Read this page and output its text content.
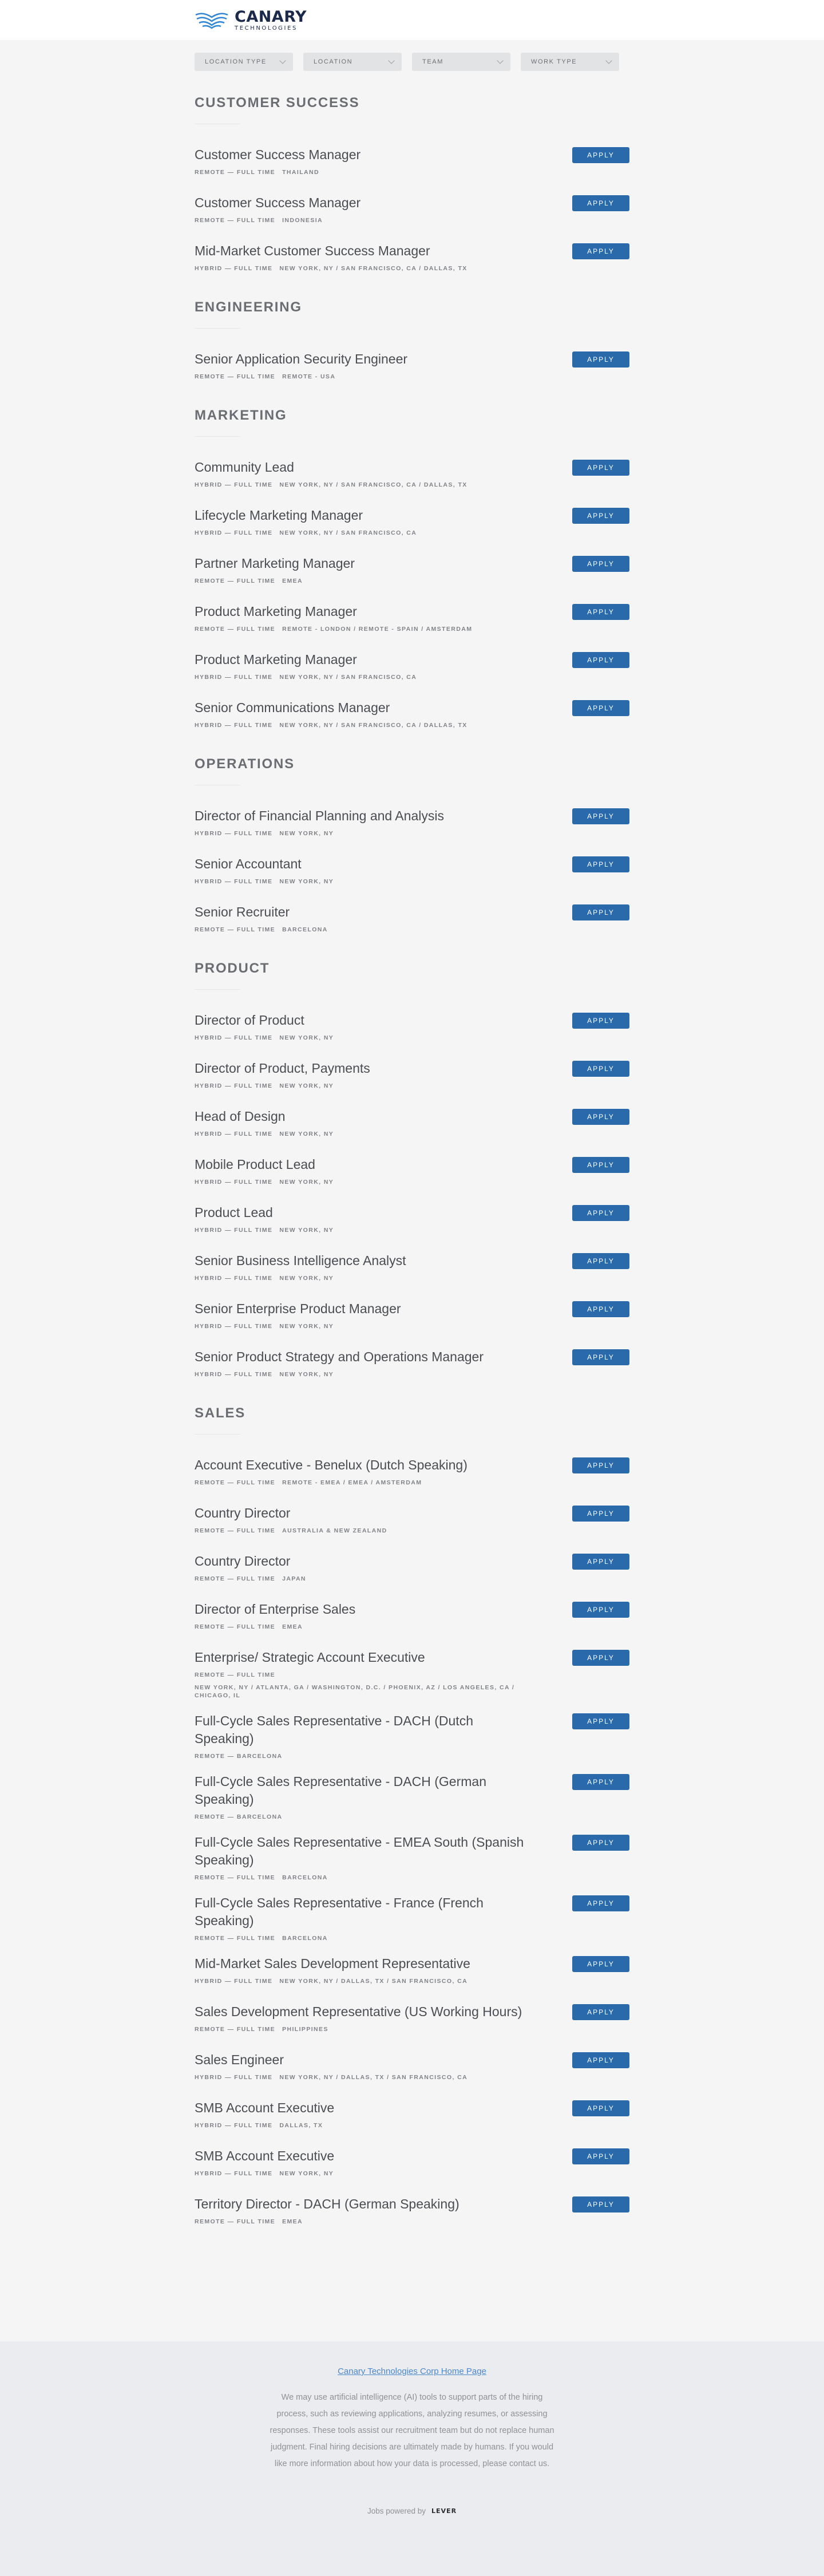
CANARY
TECHNOLOGIES
LOCATION TYPE	LOCATION	TEAM	WORK TYPE
CUSTOMER SUCCESS
Customer Success Manager
REMOTE — FULL TIME THAILAND
APPLY
Customer Success Manager
REMOTE — FULL TIME INDONESIA
APPLY
Mid-Market Customer Success Manager
HYBRID — FULL TIME NEW YORK, NY / SAN FRANCISCO, CA / DALLAS, TX
APPLY
ENGINEERING
Senior Application Security Engineer
REMOTE — FULL TIME REMOTE - USA
APPLY
MARKETING
Community Lead
HYBRID — FULL TIME NEW YORK, NY / SAN FRANCISCO, CA / DALLAS, TX
APPLY
Lifecycle Marketing Manager
HYBRID — FULL TIME NEW YORK, NY / SAN FRANCISCO, CA
APPLY
Partner Marketing Manager
REMOTE — FULL TIME EMEA
APPLY
Product Marketing Manager
REMOTE — FULL TIME REMOTE - LONDON / REMOTE - SPAIN / AMSTERDAM
APPLY
Product Marketing Manager
HYBRID — FULL TIME NEW YORK, NY / SAN FRANCISCO, CA
APPLY
Senior Communications Manager
HYBRID — FULL TIME NEW YORK, NY / SAN FRANCISCO, CA / DALLAS, TX
APPLY
OPERATIONS
Director of Financial Planning and Analysis
HYBRID — FULL TIME NEW YORK, NY
APPLY
Senior Accountant
HYBRID — FULL TIME NEW YORK, NY
APPLY
Senior Recruiter
REMOTE — FULL TIME BARCELONA
APPLY
PRODUCT
Director of Product
HYBRID — FULL TIME NEW YORK, NY
APPLY
Director of Product, Payments
HYBRID — FULL TIME NEW YORK, NY
APPLY
Head of Design
HYBRID — FULL TIME NEW YORK, NY
APPLY
Mobile Product Lead
HYBRID — FULL TIME NEW YORK, NY
APPLY
Product Lead
HYBRID — FULL TIME NEW YORK, NY
APPLY
Senior Business Intelligence Analyst
HYBRID — FULL TIME NEW YORK, NY
APPLY
Senior Enterprise Product Manager
HYBRID — FULL TIME NEW YORK, NY
APPLY
Senior Product Strategy and Operations Manager
HYBRID — FULL TIME NEW YORK, NY
APPLY
SALES
Account Executive - Benelux (Dutch Speaking)
REMOTE — FULL TIME REMOTE - EMEA / EMEA / AMSTERDAM
APPLY
Country Director
REMOTE — FULL TIME AUSTRALIA & NEW ZEALAND
APPLY
Country Director
REMOTE — FULL TIME JAPAN
APPLY
Director of Enterprise Sales
REMOTE — FULL TIME EMEA
APPLY
Enterprise/ Strategic Account Executive
REMOTE — FULL TIME
NEW YORK, NY / ATLANTA, GA / WASHINGTON, D.C. / PHOENIX, AZ / LOS ANGELES, CA / CHICAGO, IL
APPLY
Full-Cycle Sales Representative - DACH (Dutch Speaking)
REMOTE — BARCELONA
APPLY
Full-Cycle Sales Representative - DACH (German Speaking)
REMOTE — BARCELONA
APPLY
Full-Cycle Sales Representative - EMEA South (Spanish Speaking)
REMOTE — FULL TIME BARCELONA
APPLY
Full-Cycle Sales Representative - France (French Speaking)
REMOTE — FULL TIME BARCELONA
APPLY
Mid-Market Sales Development Representative
HYBRID — FULL TIME NEW YORK, NY / DALLAS, TX / SAN FRANCISCO, CA
APPLY
Sales Development Representative (US Working Hours)
REMOTE — FULL TIME PHILIPPINES
APPLY
Sales Engineer
HYBRID — FULL TIME NEW YORK, NY / DALLAS, TX / SAN FRANCISCO, CA
APPLY
SMB Account Executive
HYBRID — FULL TIME DALLAS, TX
APPLY
SMB Account Executive
HYBRID — FULL TIME NEW YORK, NY
APPLY
Territory Director - DACH (German Speaking)
REMOTE — FULL TIME EMEA
APPLY
Canary Technologies Corp Home Page

We may use artificial intelligence (AI) tools to support parts of the hiring process, such as reviewing applications, analyzing resumes, or assessing responses. These tools assist our recruitment team but do not replace human judgment. Final hiring decisions are ultimately made by humans. If you would like more information about how your data is processed, please contact us.

Jobs powered by LEVER
